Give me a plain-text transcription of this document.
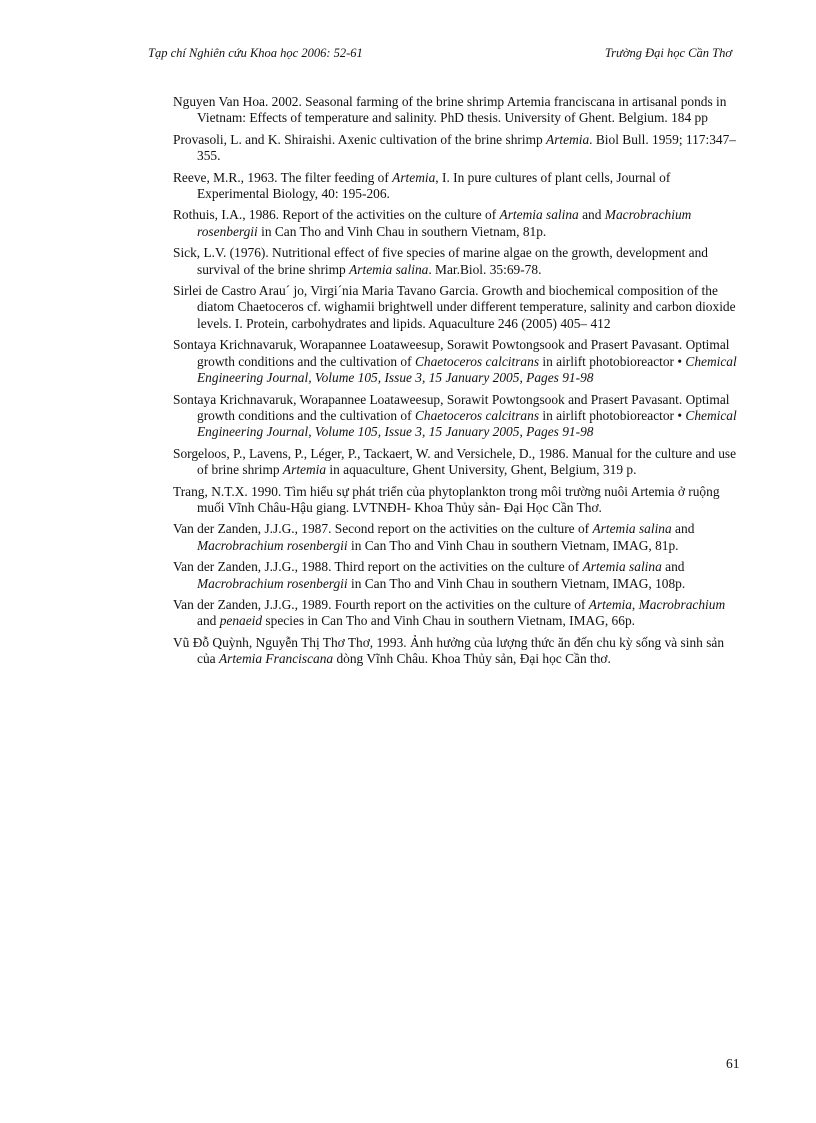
Tạp chí Nghiên cứu Khoa học 2006: 52-61	Trường Đại học Cần Thơ
Nguyen Van Hoa. 2002. Seasonal farming of the brine shrimp Artemia franciscana in artisanal ponds in Vietnam: Effects of temperature and salinity. PhD thesis. University of Ghent. Belgium. 184 pp
Provasoli, L. and K. Shiraishi. Axenic cultivation of the brine shrimp Artemia. Biol Bull. 1959; 117:347–355.
Reeve, M.R., 1963. The filter feeding of Artemia, I. In pure cultures of plant cells, Journal of Experimental Biology, 40: 195-206.
Rothuis, I.A., 1986. Report of the activities on the culture of Artemia salina and Macrobrachium rosenbergii in Can Tho and Vinh Chau in southern Vietnam, 81p.
Sick, L.V. (1976). Nutritional effect of five species of marine algae on the growth, development and survival of the brine shrimp Artemia salina. Mar.Biol. 35:69-78.
Sirlei de Castro Arau´ jo, Virgi´nia Maria Tavano Garcia. Growth and biochemical composition of the diatom Chaetoceros cf. wighamii brightwell under different temperature, salinity and carbon dioxide levels. I. Protein, carbohydrates and lipids. Aquaculture 246 (2005) 405– 412
Sontaya Krichnavaruk, Worapannee Loataweesup, Sorawit Powtongsook and Prasert Pavasant. Optimal growth conditions and the cultivation of Chaetoceros calcitrans in airlift photobioreactor • Chemical Engineering Journal, Volume 105, Issue 3, 15 January 2005, Pages 91-98
Sontaya Krichnavaruk, Worapannee Loataweesup, Sorawit Powtongsook and Prasert Pavasant. Optimal growth conditions and the cultivation of Chaetoceros calcitrans in airlift photobioreactor • Chemical Engineering Journal, Volume 105, Issue 3, 15 January 2005, Pages 91-98
Sorgeloos, P., Lavens, P., Léger, P., Tackaert, W. and Versichele, D., 1986. Manual for the culture and use of brine shrimp Artemia in aquaculture, Ghent University, Ghent, Belgium, 319 p.
Trang, N.T.X. 1990. Tìm hiểu sự phát triển của phytoplankton trong môi trường nuôi Artemia ở ruộng muối Vĩnh Châu-Hậu giang. LVTNĐH- Khoa Thủy sản- Đại Học Cần Thơ.
Van der Zanden, J.J.G., 1987. Second report on the activities on the culture of Artemia salina and Macrobrachium rosenbergii in Can Tho and Vinh Chau in southern Vietnam, IMAG, 81p.
Van der Zanden, J.J.G., 1988. Third report on the activities on the culture of Artemia salina and Macrobrachium rosenbergii in Can Tho and Vinh Chau in southern Vietnam, IMAG, 108p.
Van der Zanden, J.J.G., 1989. Fourth report on the activities on the culture of Artemia, Macrobrachium and penaeid species in Can Tho and Vinh Chau in southern Vietnam, IMAG, 66p.
Vũ Đỗ Quỳnh, Nguyễn Thị Thơ Thơ, 1993. Ảnh hưởng của lượng thức ăn đến chu kỳ sống và sinh sản của Artemia Franciscana dòng Vĩnh Châu. Khoa Thủy sản, Đại học Cần thơ.
61
